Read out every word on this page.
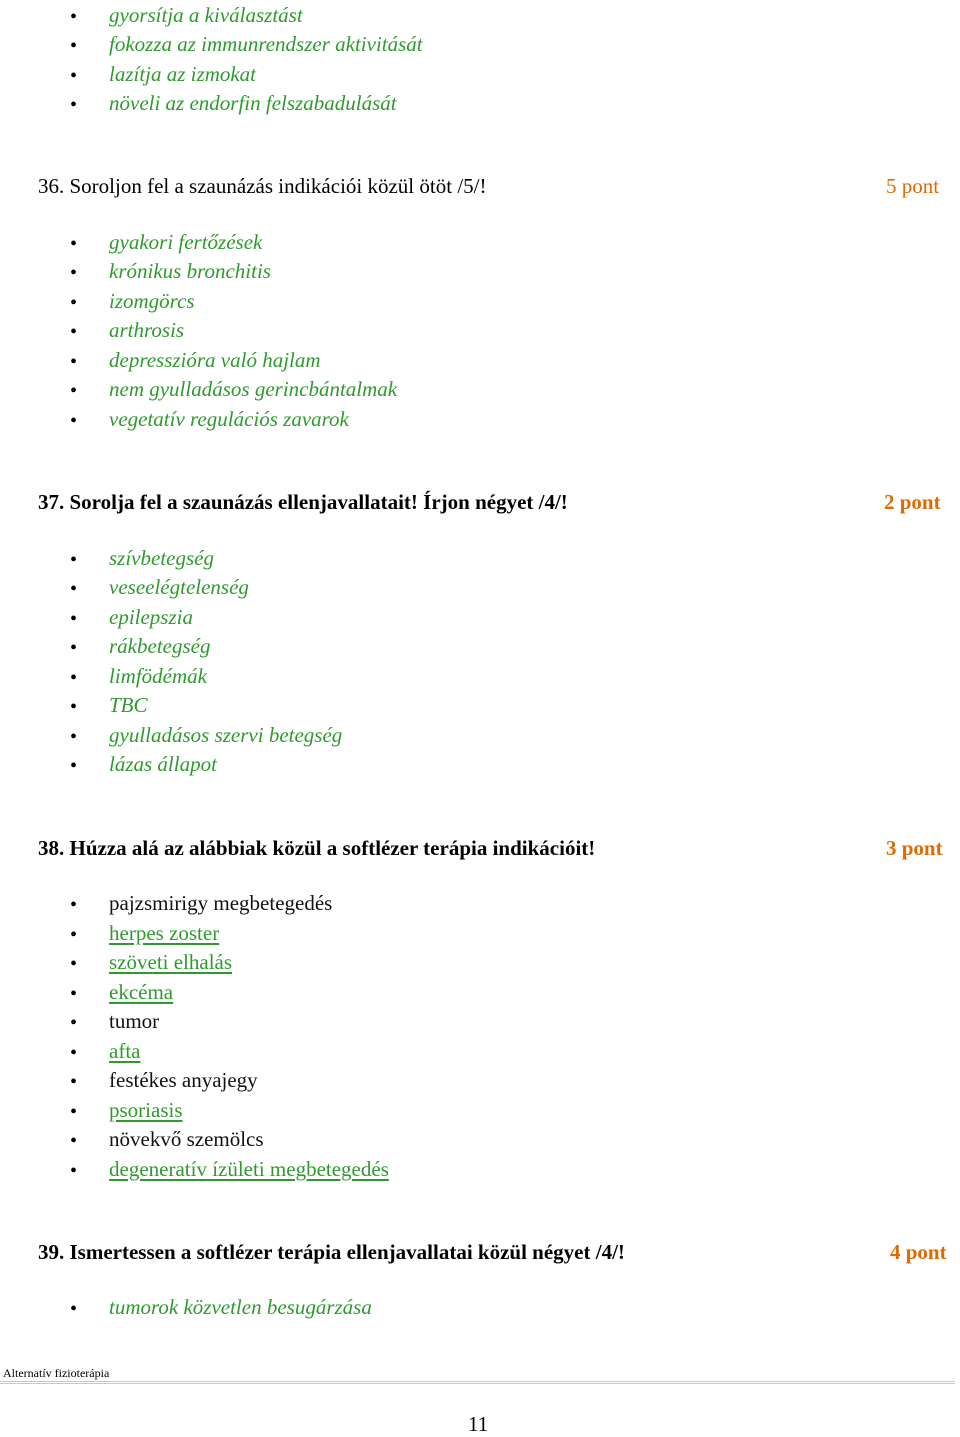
• gyorsítja a kiválasztást
• fokozza az immunrendszer aktivitását
• lazítja az izmokat
• növeli az endorfin felszabadulását
36. Soroljon fel a szaunázás indikációi közül ötöt /5/!	5 pont
• gyakori fertőzések
• krónikus bronchitis
• izomgörcs
• arthrosis
• depresszióra való hajlam
• nem gyulladásos gerincbántalmak
• vegetatív regulációs zavarok
37. Sorolja fel a szaunázás ellenjavallatait! Írjon négyet /4/!	2 pont
• szívbetegség
• veseelégtelenség
• epilepszia
• rákbetegség
• limfödémák
• TBC
• gyulladásos szervi betegség
• lázas állapot
38. Húzza alá az alábbiak közül a softlézer terápia indikációit!	3 pont
• pajzsmirigy megbetegedés
• herpes zoster
• szöveti elhalás
• ekcéma
• tumor
• afta
• festékes anyajegy
• psoriasis
• növekvő szemölcs
• degeneratív ízületi megbetegedés
39. Ismertessen a softlézer terápia ellenjavallatai közül négyet /4/!	4 pont
• tumorok közvetlen besugárzása
Alternatív fizioterápia
11
